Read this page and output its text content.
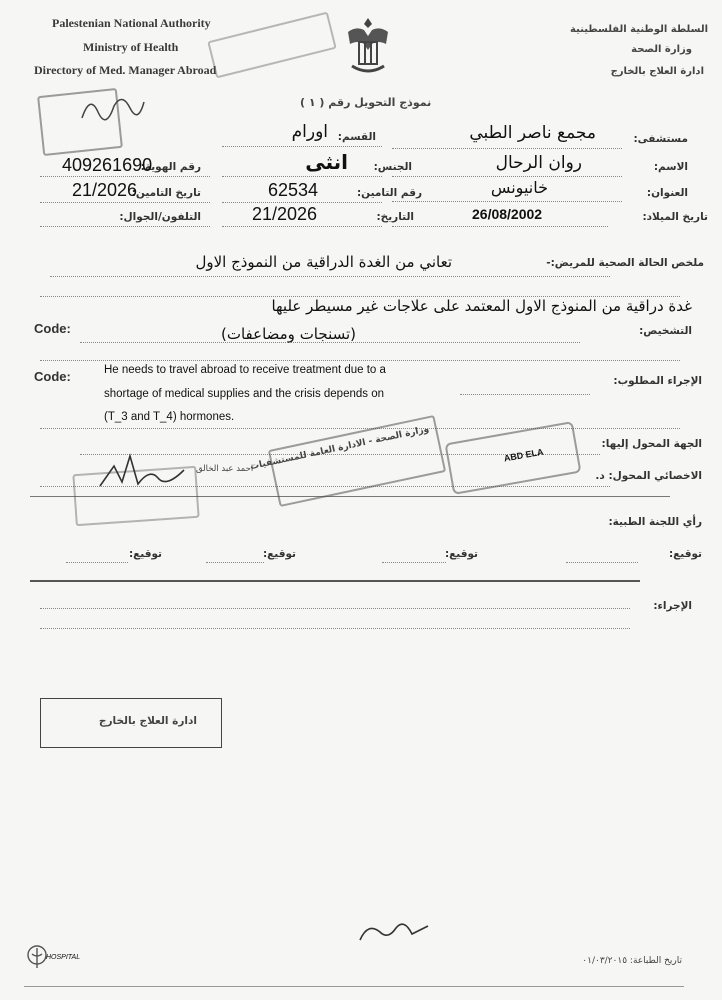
Palestenian National Authority
Ministry of Health
Directory of Med. Manager Abroad
السلطة الوطنية الفلسطينية
وزارة الصحة
ادارة العلاج بالخارج
نموذج التحويل رقم ( ١ )
مستشفى:
مجمع ناصر الطبي
القسم:
اورام
الاسم:
روان الرحال
الجنس:
انثى
رقم الهوية:
409261690
العنوان:
خانيونس
رقم التامين:
62534
تاريخ التامين:
21/2026
تاريخ الميلاد:
26/08/2002
التاريخ:
21/2026
التلفون/الجوال:
ملخص الحالة الصحية للمريض:-
تعاني من الغدة الدراقية من النموذج الاول
غدة دراقية من المنوذج الاول المعتمد على علاجات غير مسيطر عليها
(تسنجات ومضاعفات)	التشخيص:
Code:
Code:	He needs to travel abroad to receive treatment due to a
shortage of medical supplies and the crisis depends on
(T_3 and T_4) hormones.
الإجراء المطلوب:
الجهة المحول إليها:
الاخصائي المحول: د.
وزارة الصحة - الادارة العامة للمستشفيات	ABD ELA
احمد عبد الخالق
رأي اللجنة الطبية:
توقيع:
توقيع:
توقيع:
توقيع:
الإجراء:
ادارة العلاج بالخارج
HOSPITAL	تاريخ الطباعة: ٠١/٠٣/٢٠١٥
